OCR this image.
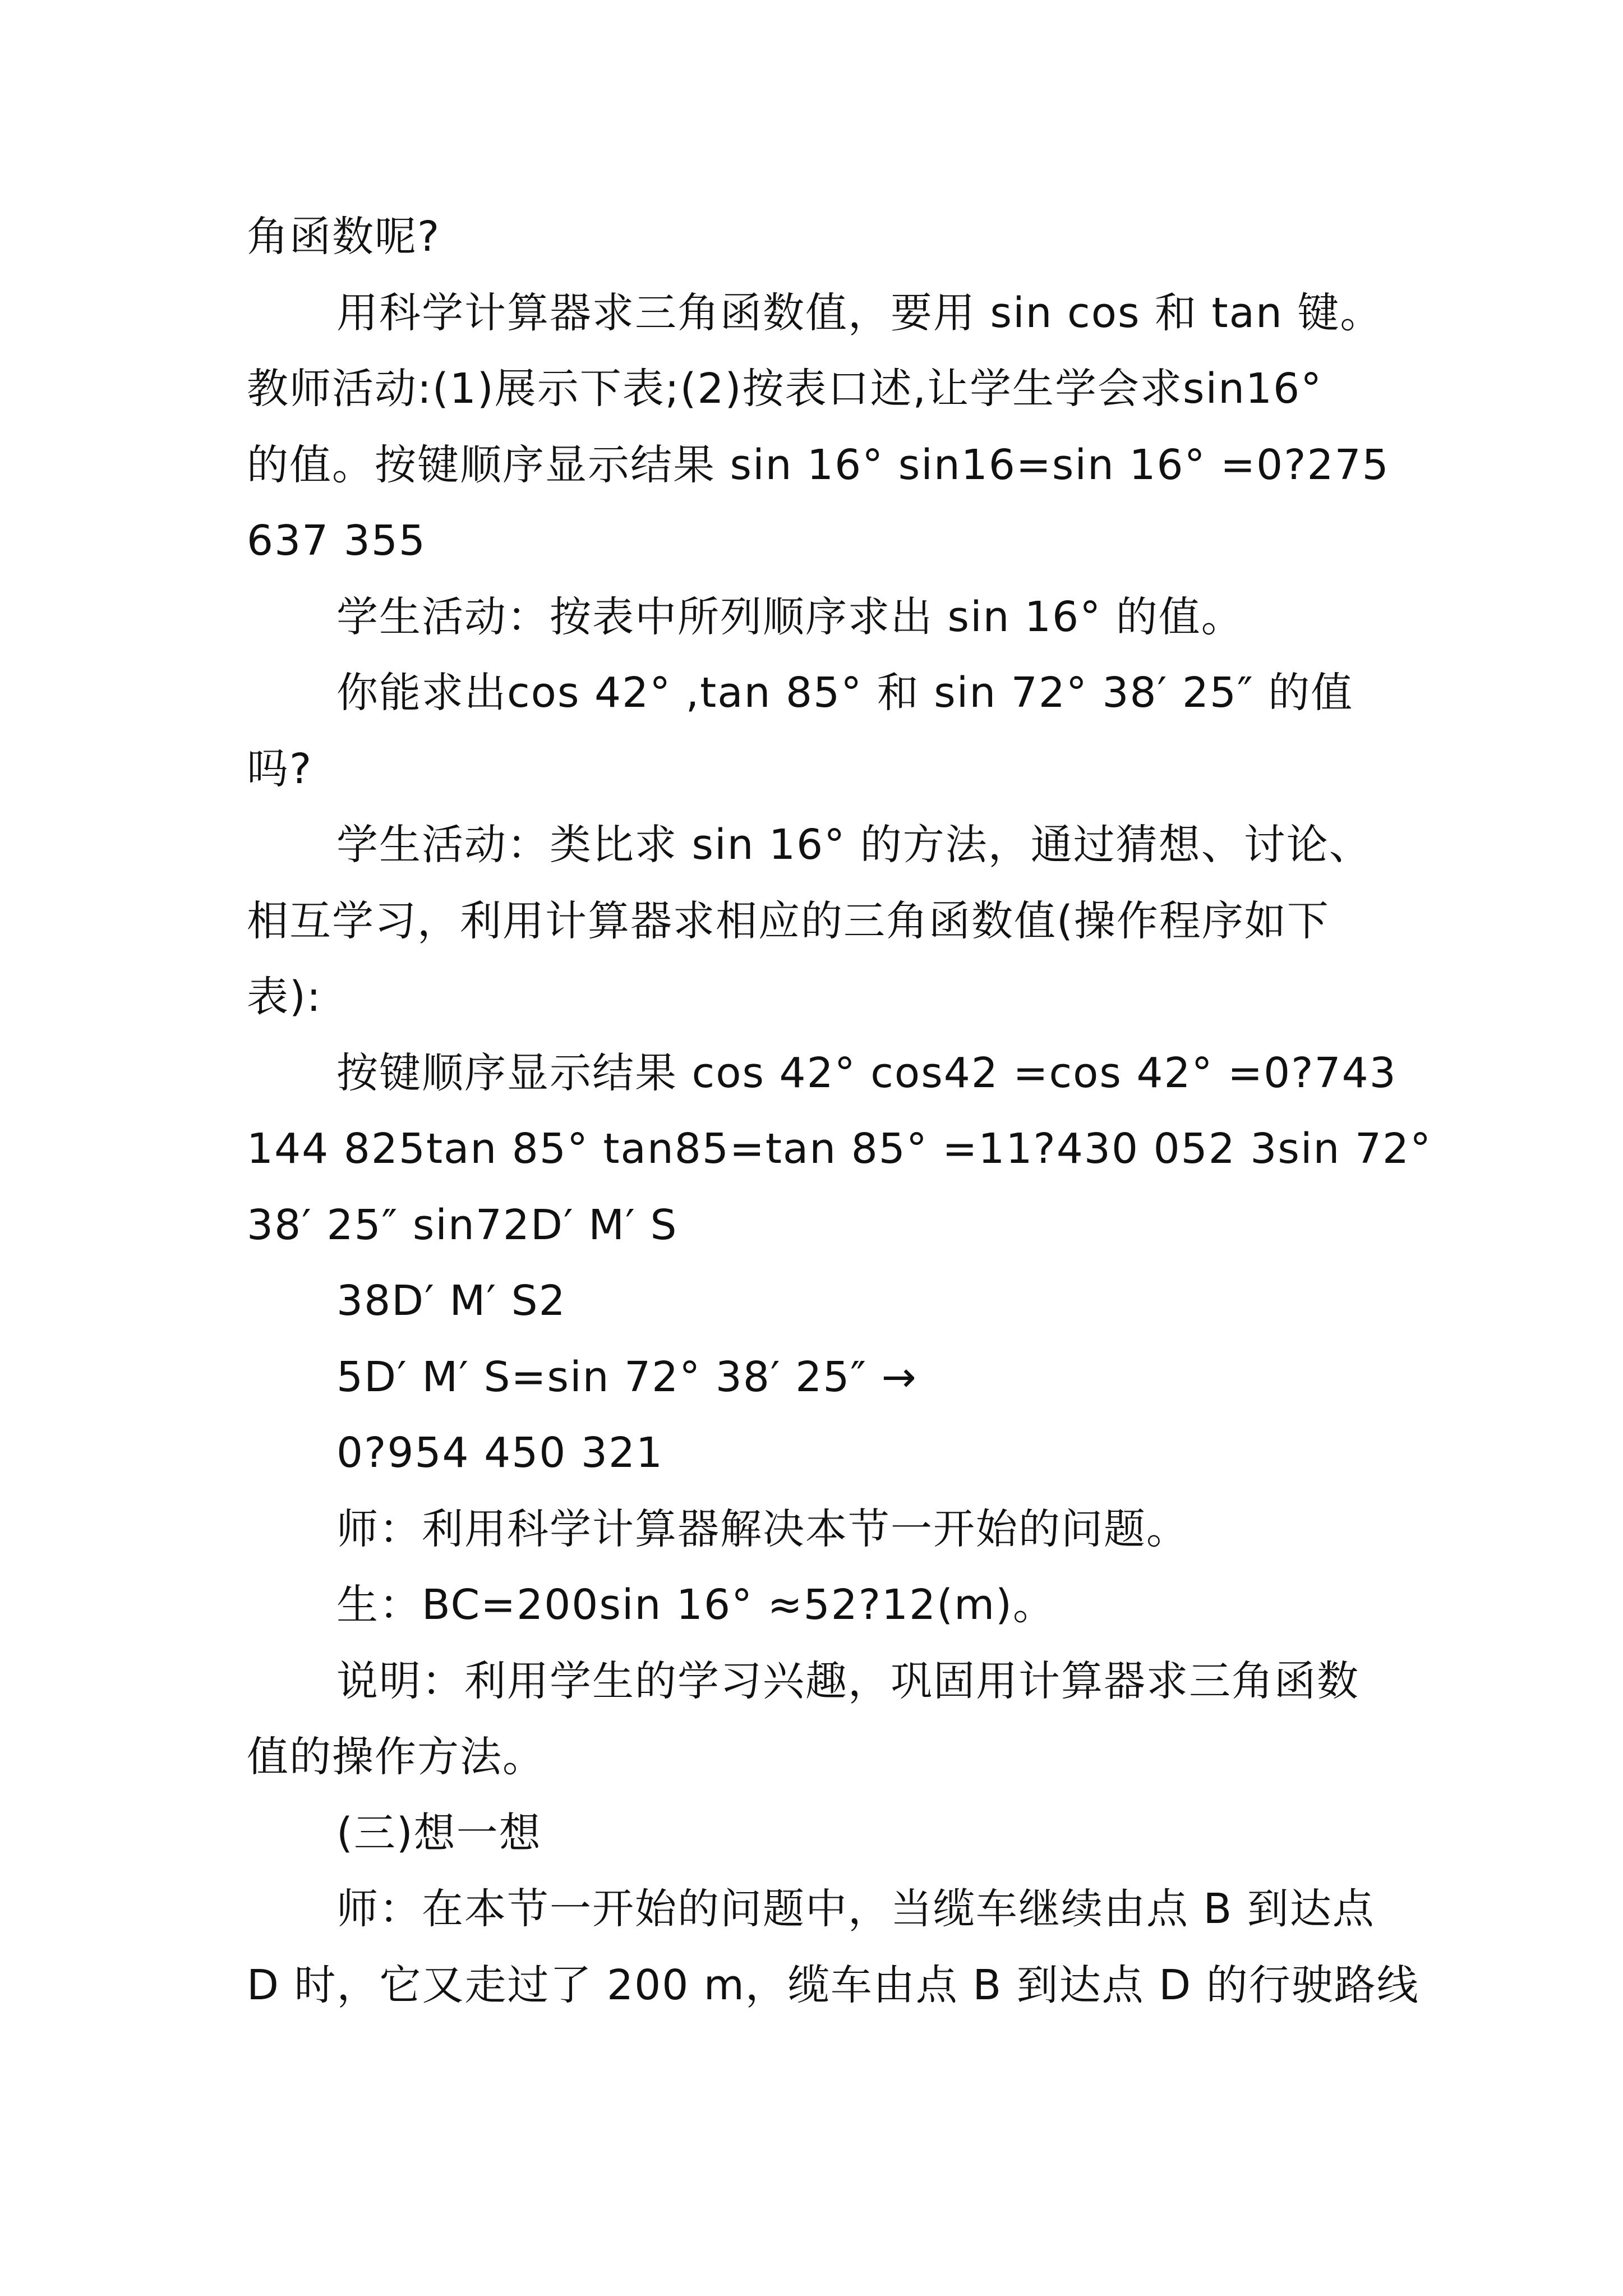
角函数呢?
用科学计算器求三角函数值，要用 sin cos 和 tan 键。
教师活动:(1)展示下表;(2)按表口述,让学生学会求sin16°
的值。按键顺序显示结果 sin 16° sin16=sin 16° =0?275
637 355
学生活动：按表中所列顺序求出 sin 16° 的值。
你能求出cos 42° ,tan 85° 和 sin 72° 38′ 25″ 的值
吗?
学生活动：类比求 sin 16° 的方法，通过猜想、讨论、
相互学习，利用计算器求相应的三角函数值(操作程序如下
表):
按键顺序显示结果 cos 42° cos42 =cos 42° =0?743
144 825tan 85° tan85=tan 85° =11?430 052 3sin 72°
38′ 25″ sin72D′ M′ S
38D′ M′ S2
5D′ M′ S=sin 72° 38′ 25″ →
0?954 450 321
师：利用科学计算器解决本节一开始的问题。
生：BC=200sin 16° ≈52?12(m)。
说明：利用学生的学习兴趣，巩固用计算器求三角函数
值的操作方法。
(三)想一想
师：在本节一开始的问题中，当缆车继续由点 B 到达点
D 时，它又走过了 200 m，缆车由点 B 到达点 D 的行驶路线
